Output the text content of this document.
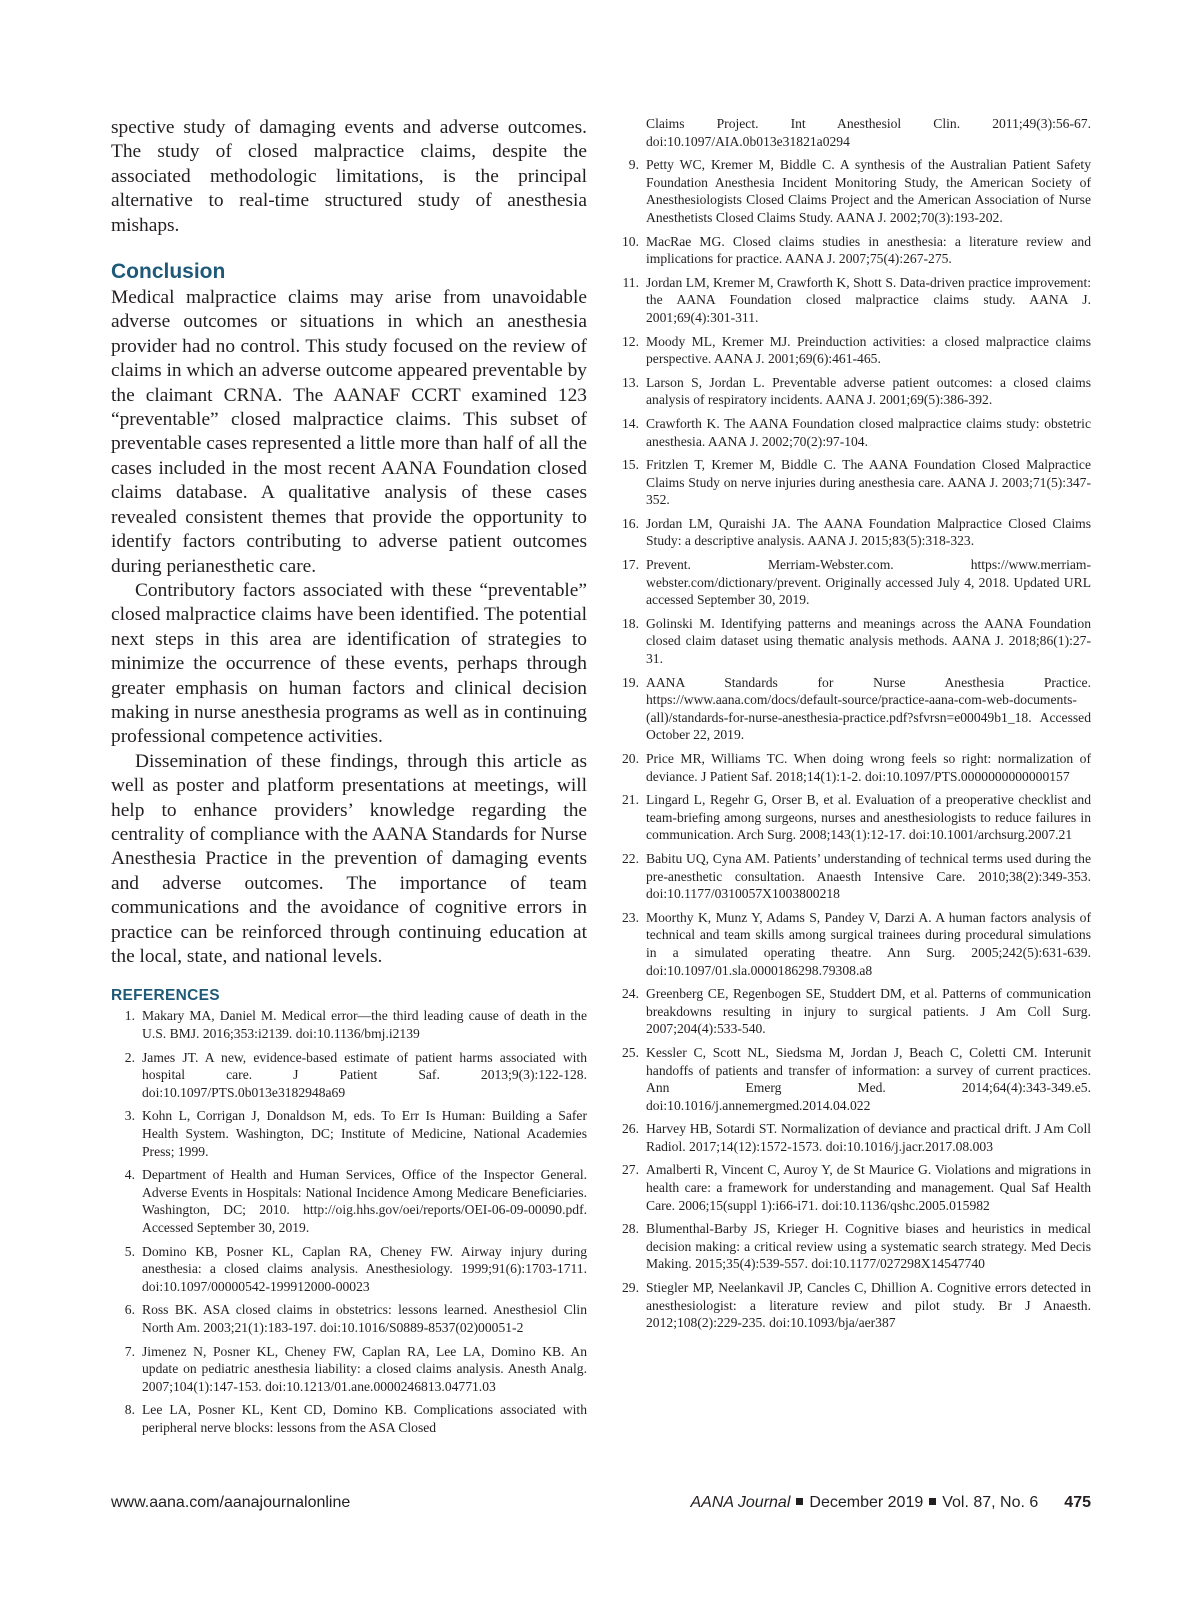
spective study of damaging events and adverse outcomes. The study of closed malpractice claims, despite the associated methodologic limitations, is the principal alternative to real-time structured study of anesthesia mishaps.

Conclusion

Medical malpractice claims may arise from unavoidable adverse outcomes or situations in which an anesthesia provider had no control. This study focused on the review of claims in which an adverse outcome appeared preventable by the claimant CRNA. The AANAF CCRT examined 123 “preventable” closed malpractice claims. This subset of preventable cases represented a little more than half of all the cases included in the most recent AANA Foundation closed claims database. A qualitative analysis of these cases revealed consistent themes that provide the opportunity to identify factors contributing to adverse patient outcomes during perianesthetic care.

Contributory factors associated with these “preventable” closed malpractice claims have been identified. The potential next steps in this area are identification of strategies to minimize the occurrence of these events, perhaps through greater emphasis on human factors and clinical decision making in nurse anesthesia programs as well as in continuing professional competence activities.

Dissemination of these findings, through this article as well as poster and platform presentations at meetings, will help to enhance providers’ knowledge regarding the centrality of compliance with the AANA Standards for Nurse Anesthesia Practice in the prevention of damaging events and adverse outcomes. The importance of team communications and the avoidance of cognitive errors in practice can be reinforced through continuing education at the local, state, and national levels.

REFERENCES
1. Makary MA, Daniel M. Medical error—the third leading cause of death in the U.S. BMJ. 2016;353:i2139. doi:10.1136/bmj.i2139
2. James JT. A new, evidence-based estimate of patient harms associated with hospital care. J Patient Saf. 2013;9(3):122-128. doi:10.1097/PTS.0b013e3182948a69
3. Kohn L, Corrigan J, Donaldson M, eds. To Err Is Human: Building a Safer Health System. Washington, DC; Institute of Medicine, National Academies Press; 1999.
4. Department of Health and Human Services, Office of the Inspector General. Adverse Events in Hospitals: National Incidence Among Medicare Beneficiaries. Washington, DC; 2010. http://oig.hhs.gov/oei/reports/OEI-06-09-00090.pdf. Accessed September 30, 2019.
5. Domino KB, Posner KL, Caplan RA, Cheney FW. Airway injury during anesthesia: a closed claims analysis. Anesthesiology. 1999;91(6):1703-1711. doi:10.1097/00000542-199912000-00023
6. Ross BK. ASA closed claims in obstetrics: lessons learned. Anesthesiol Clin North Am. 2003;21(1):183-197. doi:10.1016/S0889-8537(02)00051-2
7. Jimenez N, Posner KL, Cheney FW, Caplan RA, Lee LA, Domino KB. An update on pediatric anesthesia liability: a closed claims analysis. Anesth Analg. 2007;104(1):147-153. doi:10.1213/01.ane.0000246813.04771.03
8. Lee LA, Posner KL, Kent CD, Domino KB. Complications associated with peripheral nerve blocks: lessons from the ASA Closed
Claims Project. Int Anesthesiol Clin. 2011;49(3):56-67. doi:10.1097/AIA.0b013e31821a0294
9. Petty WC, Kremer M, Biddle C. A synthesis of the Australian Patient Safety Foundation Anesthesia Incident Monitoring Study, the American Society of Anesthesiologists Closed Claims Project and the American Association of Nurse Anesthetists Closed Claims Study. AANA J. 2002;70(3):193-202.
10. MacRae MG. Closed claims studies in anesthesia: a literature review and implications for practice. AANA J. 2007;75(4):267-275.
11. Jordan LM, Kremer M, Crawforth K, Shott S. Data-driven practice improvement: the AANA Foundation closed malpractice claims study. AANA J. 2001;69(4):301-311.
12. Moody ML, Kremer MJ. Preinduction activities: a closed malpractice claims perspective. AANA J. 2001;69(6):461-465.
13. Larson S, Jordan L. Preventable adverse patient outcomes: a closed claims analysis of respiratory incidents. AANA J. 2001;69(5):386-392.
14. Crawforth K. The AANA Foundation closed malpractice claims study: obstetric anesthesia. AANA J. 2002;70(2):97-104.
15. Fritzlen T, Kremer M, Biddle C. The AANA Foundation Closed Malpractice Claims Study on nerve injuries during anesthesia care. AANA J. 2003;71(5):347-352.
16. Jordan LM, Quraishi JA. The AANA Foundation Malpractice Closed Claims Study: a descriptive analysis. AANA J. 2015;83(5):318-323.
17. Prevent. Merriam-Webster.com. https://www.merriam-webster.com/dictionary/prevent. Originally accessed July 4, 2018. Updated URL accessed September 30, 2019.
18. Golinski M. Identifying patterns and meanings across the AANA Foundation closed claim dataset using thematic analysis methods. AANA J. 2018;86(1):27-31.
19. AANA Standards for Nurse Anesthesia Practice. https://www.aana.com/docs/default-source/practice-aana-com-web-documents-(all)/standards-for-nurse-anesthesia-practice.pdf?sfvrsn=e00049b1_18. Accessed October 22, 2019.
20. Price MR, Williams TC. When doing wrong feels so right: normalization of deviance. J Patient Saf. 2018;14(1):1-2. doi:10.1097/PTS.0000000000000157
21. Lingard L, Regehr G, Orser B, et al. Evaluation of a preoperative checklist and team-briefing among surgeons, nurses and anesthesiologists to reduce failures in communication. Arch Surg. 2008;143(1):12-17. doi:10.1001/archsurg.2007.21
22. Babitu UQ, Cyna AM. Patients’ understanding of technical terms used during the pre-anesthetic consultation. Anaesth Intensive Care. 2010;38(2):349-353. doi:10.1177/0310057X1003800218
23. Moorthy K, Munz Y, Adams S, Pandey V, Darzi A. A human factors analysis of technical and team skills among surgical trainees during procedural simulations in a simulated operating theatre. Ann Surg. 2005;242(5):631-639. doi:10.1097/01.sla.0000186298.79308.a8
24. Greenberg CE, Regenbogen SE, Studdert DM, et al. Patterns of communication breakdowns resulting in injury to surgical patients. J Am Coll Surg. 2007;204(4):533-540.
25. Kessler C, Scott NL, Siedsma M, Jordan J, Beach C, Coletti CM. Interunit handoffs of patients and transfer of information: a survey of current practices. Ann Emerg Med. 2014;64(4):343-349.e5. doi:10.1016/j.annemergmed.2014.04.022
26. Harvey HB, Sotardi ST. Normalization of deviance and practical drift. J Am Coll Radiol. 2017;14(12):1572-1573. doi:10.1016/j.jacr.2017.08.003
27. Amalberti R, Vincent C, Auroy Y, de St Maurice G. Violations and migrations in health care: a framework for understanding and management. Qual Saf Health Care. 2006;15(suppl 1):i66-i71. doi:10.1136/qshc.2005.015982
28. Blumenthal-Barby JS, Krieger H. Cognitive biases and heuristics in medical decision making: a critical review using a systematic search strategy. Med Decis Making. 2015;35(4):539-557. doi:10.1177/027298X14547740
29. Stiegler MP, Neelankavil JP, Cancles C, Dhillion A. Cognitive errors detected in anesthesiologist: a literature review and pilot study. Br J Anaesth. 2012;108(2):229-235. doi:10.1093/bja/aer387
www.aana.com/aanajournalonline	AANA Journal December 2019 Vol. 87, No. 6 475
